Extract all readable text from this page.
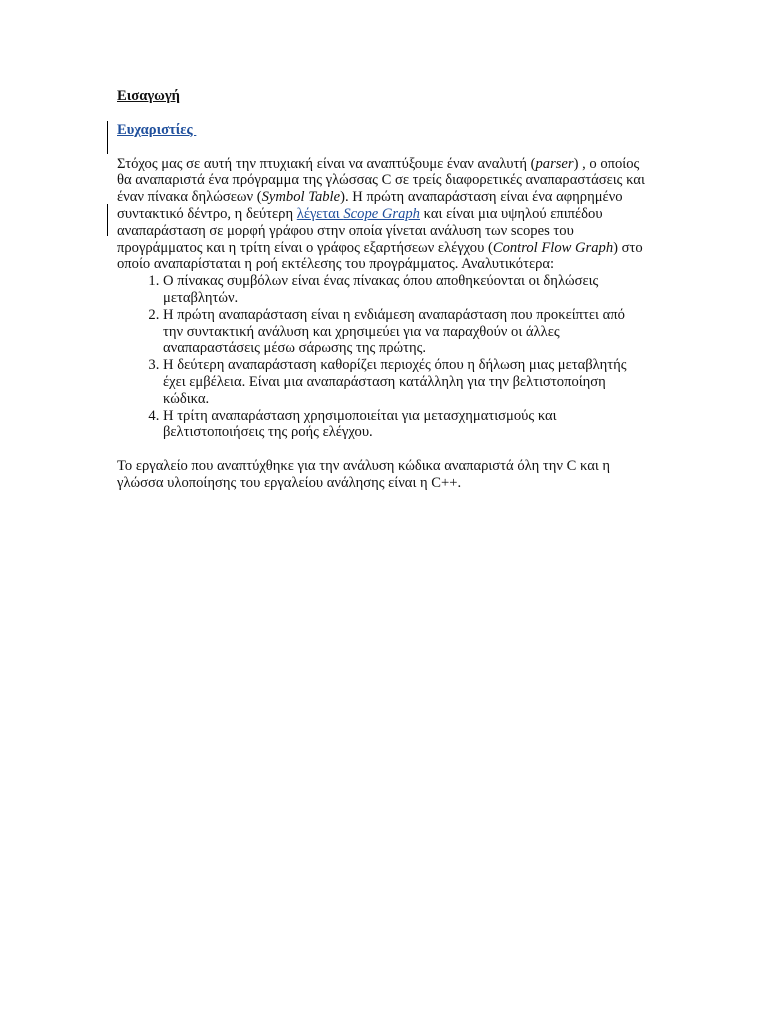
Εισαγωγή
Ευχαριστίες

Στόχος μας σε αυτή την πτυχιακή είναι να αναπτύξουμε έναν αναλυτή (parser) , ο οποίος θα αναπαριστά ένα πρόγραμμα της γλώσσας C σε τρείς διαφορετικές αναπαραστάσεις και έναν πίνακα δηλώσεων (Symbol Table). Η πρώτη αναπαράσταση είναι ένα αφηρημένο συντακτικό δέντρο, η δεύτερη λέγεται Scope Graph και είναι μια υψηλού επιπέδου αναπαράσταση σε μορφή γράφου στην οποία γίνεται ανάλυση των scopes του προγράμματος και η τρίτη είναι ο γράφος εξαρτήσεων ελέγχου (Control Flow Graph) στο οποίο αναπαρίσταται η ροή εκτέλεσης του προγράμματος. Αναλυτικότερα:

1. Ο πίνακας συμβόλων είναι ένας πίνακας όπου αποθηκεύονται οι δηλώσεις μεταβλητών.
2. Η πρώτη αναπαράσταση είναι η ενδιάμεση αναπαράσταση που προκείπτει από την συντακτική ανάλυση και χρησιμεύει για να παραχθούν οι άλλες αναπαραστάσεις μέσω σάρωσης της πρώτης.
3. Η δεύτερη αναπαράσταση καθορίζει περιοχές όπου η δήλωση μιας μεταβλητής έχει εμβέλεια. Είναι μια αναπαράσταση κατάλληλη για την βελτιστοποίηση κώδικα.
4. Η τρίτη αναπαράσταση χρησιμοποιείται για μετασχηματισμούς και βελτιστοποιήσεις της ροής ελέγχου.

Το εργαλείο που αναπτύχθηκε για την ανάλυση κώδικα αναπαριστά όλη την C και η γλώσσα υλοποίησης του εργαλείου ανάλησης είναι η C++.
